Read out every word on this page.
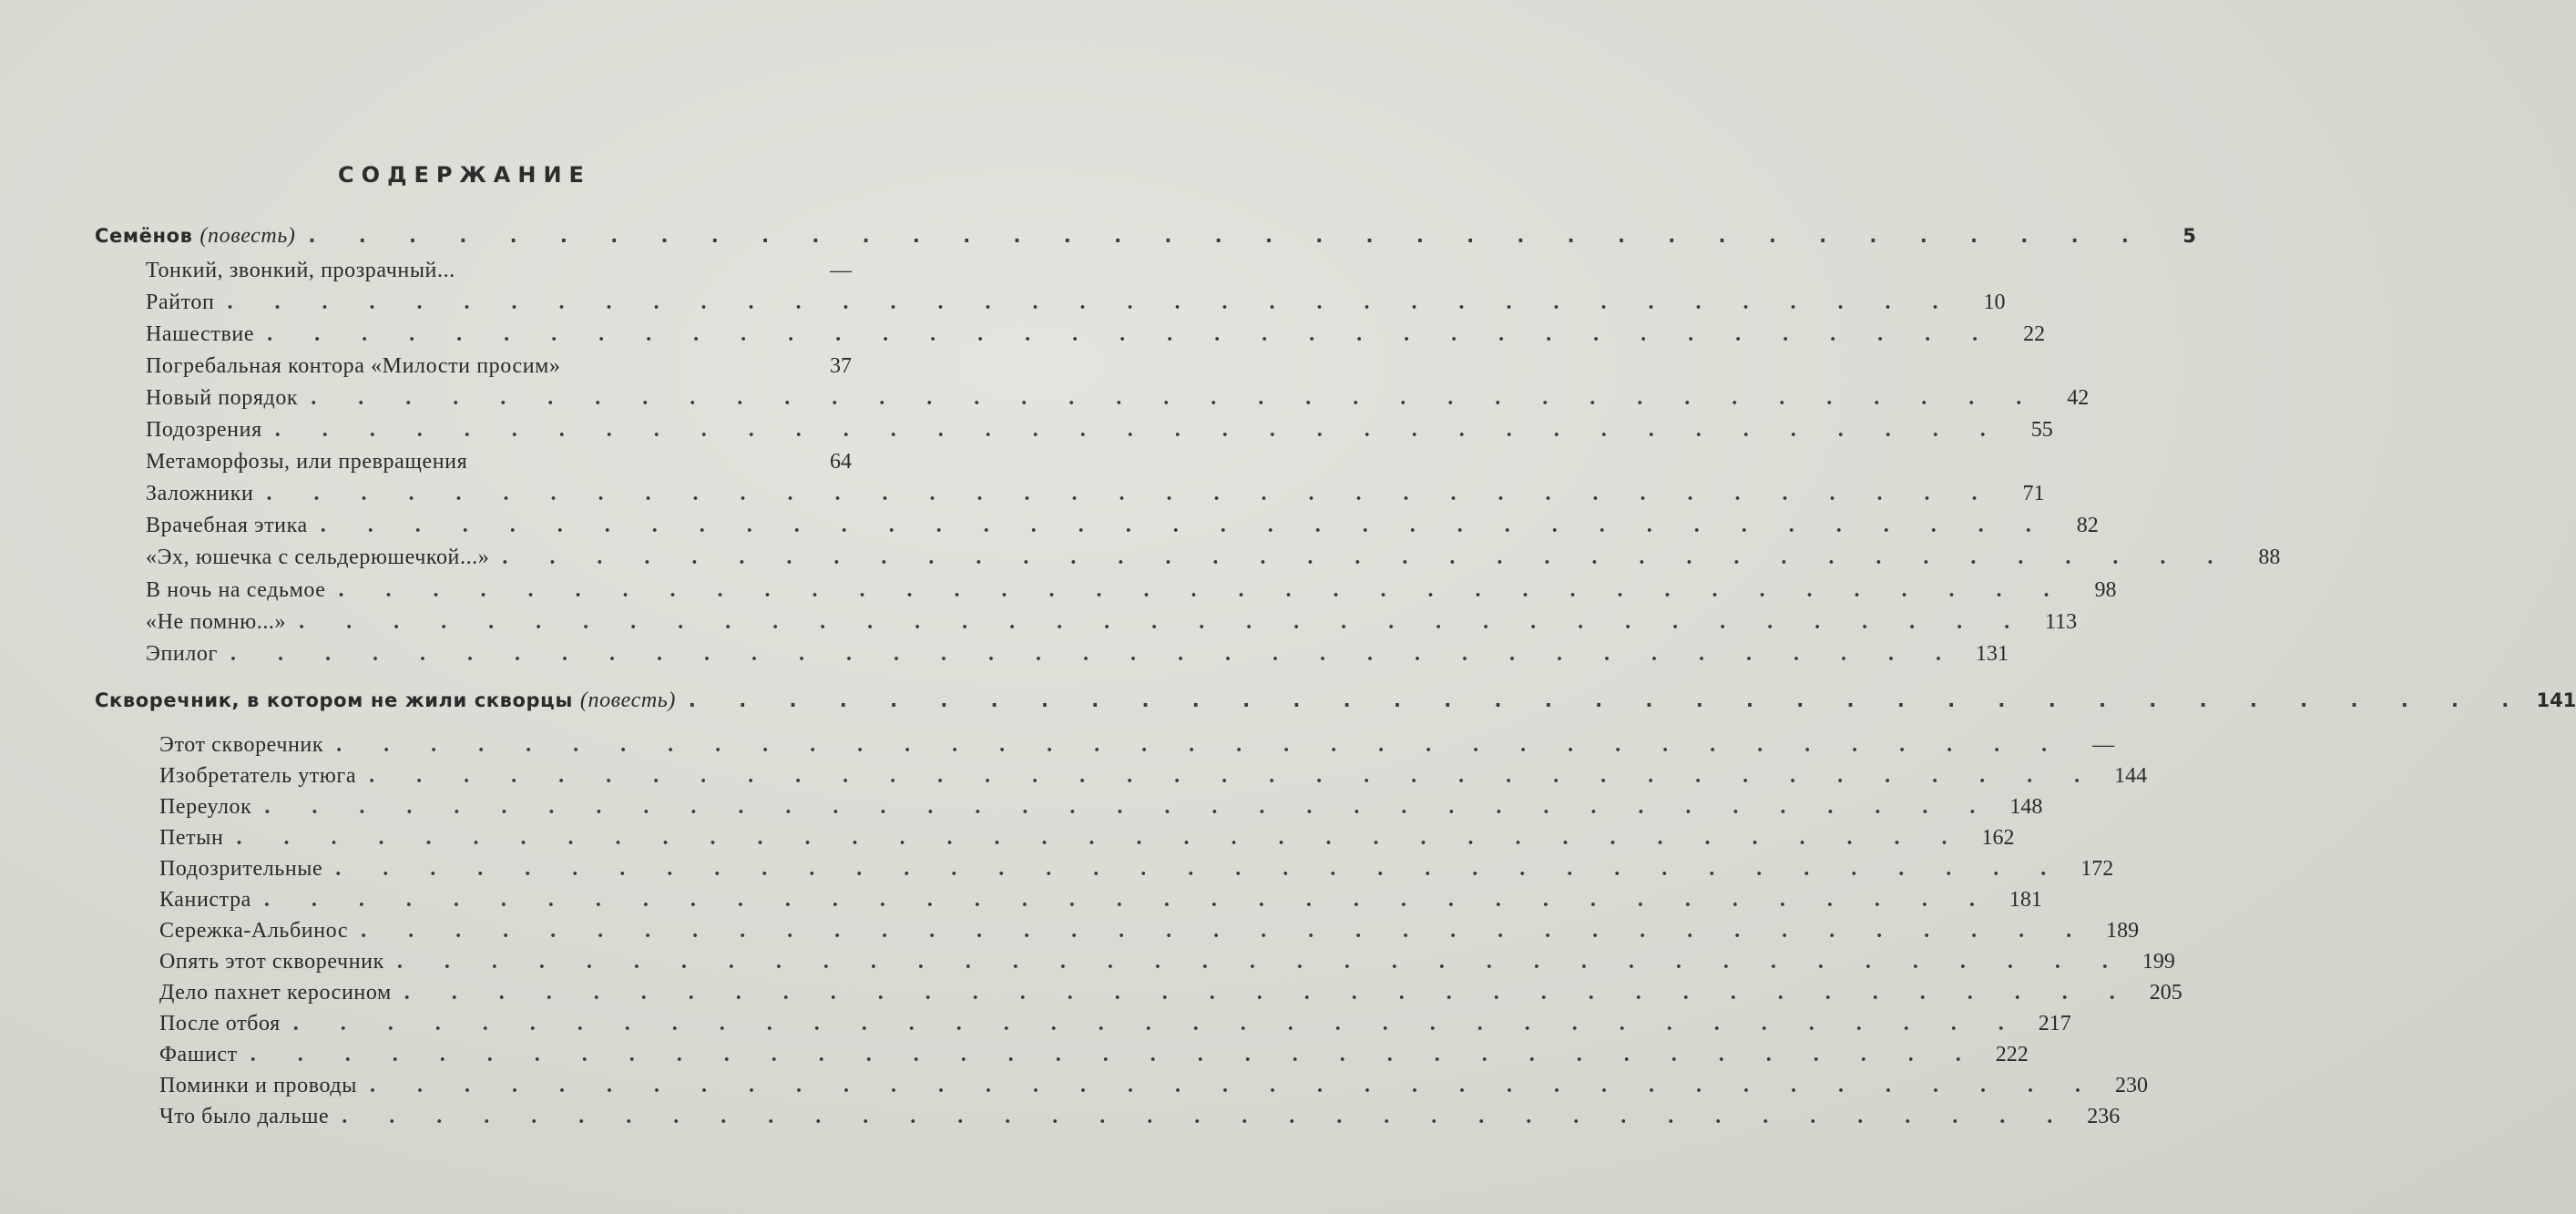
СОДЕРЖАНИЕ
Семёнов (повесть) . . . . . . . . . . . . . . . . . . . . . . . . . . . . . . . . . . . . .	5
Тонкий, звонкий, прозрачный...	—
Райтоп . . . . . . . . . . . . . . . . . . . . . . . . . . . . . . . . . . . . .	10
Нашествие . . . . . . . . . . . . . . . . . . . . . . . . . . . . . . . . . . . . .	22
Погребальная контора «Милости просим»	37
Новый порядок . . . . . . . . . . . . . . . . . . . . . . . . . . . . . . . . . . . . .	42
Подозрения . . . . . . . . . . . . . . . . . . . . . . . . . . . . . . . . . . . . .	55
Метаморфозы, или превращения	64
Заложники . . . . . . . . . . . . . . . . . . . . . . . . . . . . . . . . . . . . .	71
Врачебная этика . . . . . . . . . . . . . . . . . . . . . . . . . . . . . . . . . . . . .	82
«Эх, юшечка с сельдерюшечкой...» . . . . . . . . . . . . . . . . . . . . . . . . . . . . . . . . . . . . .	88
В ночь на седьмое . . . . . . . . . . . . . . . . . . . . . . . . . . . . . . . . . . . . .	98
«Не помню...» . . . . . . . . . . . . . . . . . . . . . . . . . . . . . . . . . . . . . 113
Эпилог . . . . . . . . . . . . . . . . . . . . . . . . . . . . . . . . . . . . . 131
Скворечник, в котором не жили скворцы (повесть) . . . . . . . . . . . . . . . . . . . . . . . . . . . . . . . . . . . . . 141
Этот скворечник . . . . . . . . . . . . . . . . . . . . . . . . . . . . . . . . . . . . .	—
Изобретатель утюга . . . . . . . . . . . . . . . . . . . . . . . . . . . . . . . . . . . . . 144
Переулок . . . . . . . . . . . . . . . . . . . . . . . . . . . . . . . . . . . . . 148
Петын . . . . . . . . . . . . . . . . . . . . . . . . . . . . . . . . . . . . . 162
Подозрительные . . . . . . . . . . . . . . . . . . . . . . . . . . . . . . . . . . . . . 172
Канистра . . . . . . . . . . . . . . . . . . . . . . . . . . . . . . . . . . . . . 181
Сережка-Альбинос . . . . . . . . . . . . . . . . . . . . . . . . . . . . . . . . . . . . . 189
Опять этот скворечник . . . . . . . . . . . . . . . . . . . . . . . . . . . . . . . . . . . . . 199
Дело пахнет керосином . . . . . . . . . . . . . . . . . . . . . . . . . . . . . . . . . . . . . 205
После отбоя . . . . . . . . . . . . . . . . . . . . . . . . . . . . . . . . . . . . . 217
Фашист . . . . . . . . . . . . . . . . . . . . . . . . . . . . . . . . . . . . . 222
Поминки и проводы . . . . . . . . . . . . . . . . . . . . . . . . . . . . . . . . . . . . . 230
Что было дальше . . . . . . . . . . . . . . . . . . . . . . . . . . . . . . . . . . . . . 236
